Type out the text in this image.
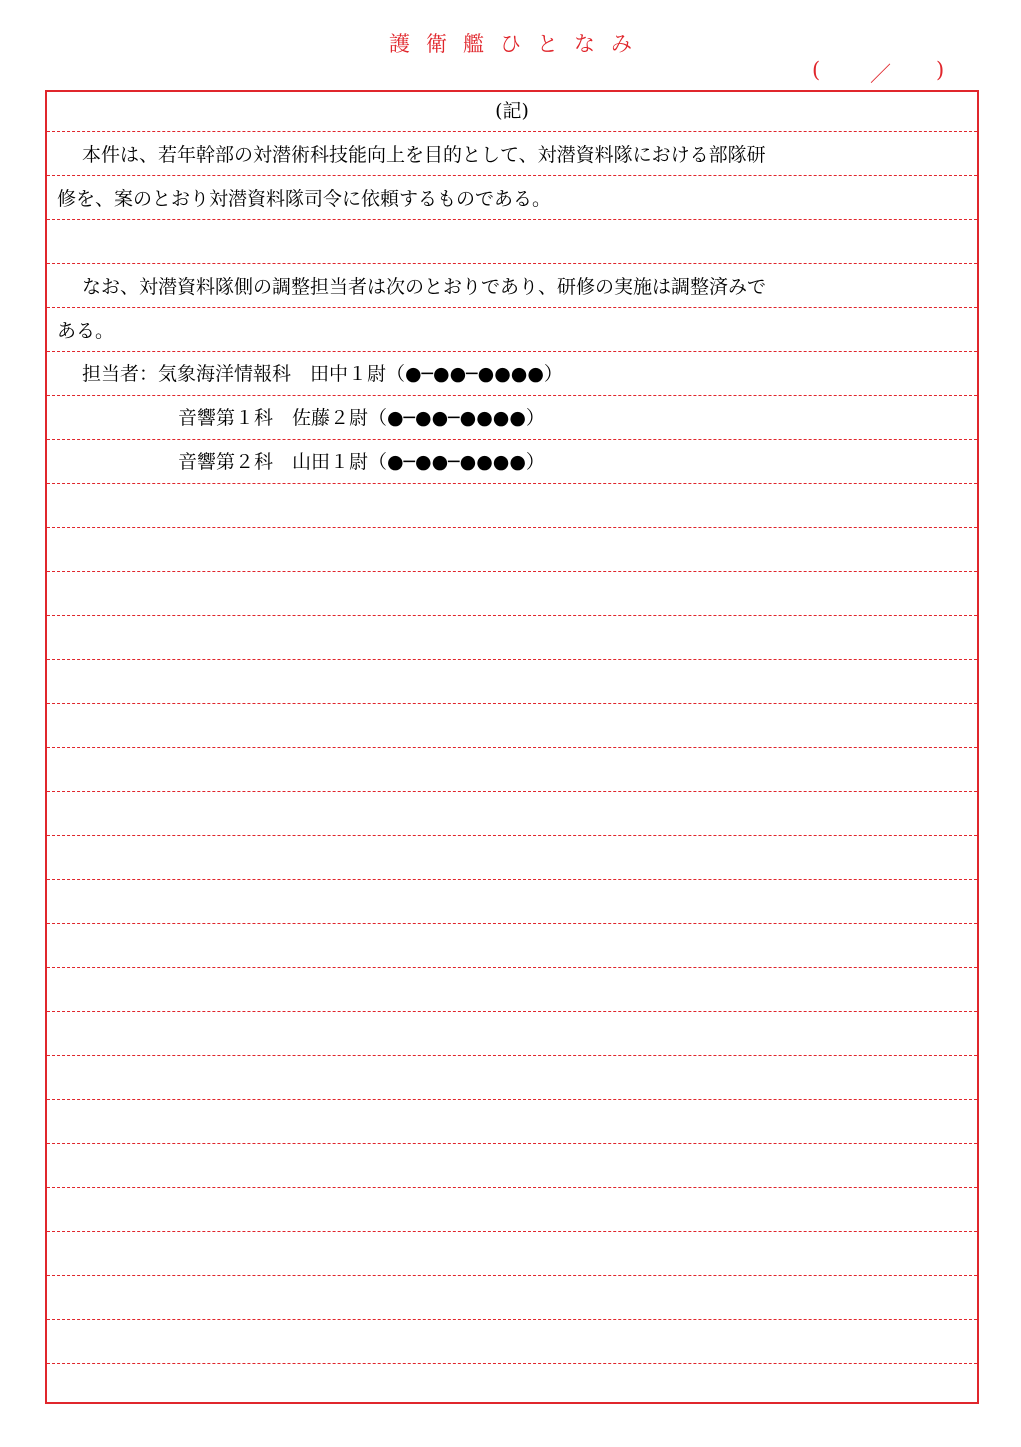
護衛艦ひとなみ
( ／ )
(記)
本件は、若年幹部の対潜術科技能向上を目的として、対潜資料隊における部隊研
修を、案のとおり対潜資料隊司令に依頼するものである。
なお、対潜資料隊側の調整担当者は次のとおりであり、研修の実施は調整済みで
ある。
担当者：気象海洋情報科　田中１尉（●─●●─●●●●）
音響第１科　佐藤２尉（●─●●─●●●●）
音響第２科　山田１尉（●─●●─●●●●）
